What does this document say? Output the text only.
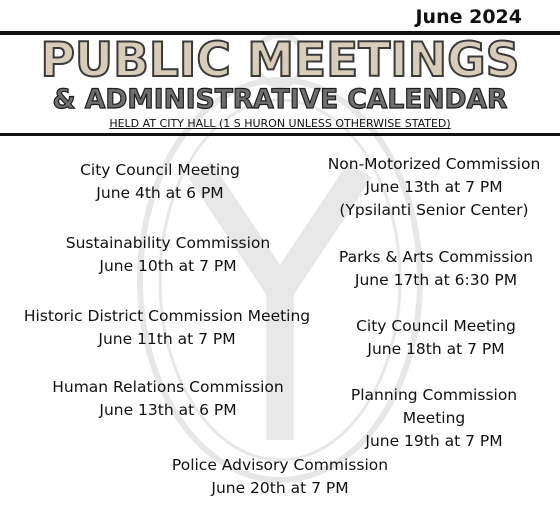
June 2024
PUBLIC MEETINGS
& ADMINISTRATIVE CALENDAR
HELD AT CITY HALL (1 S HURON UNLESS OTHERWISE STATED)
City Council Meeting
June 4th at 6 PM
Sustainability Commission
June 10th at 7 PM
Historic District Commission Meeting
June 11th at 7 PM
Human Relations Commission
June 13th at 6 PM
Police Advisory Commission
June 20th at 7 PM
Non-Motorized Commission
June 13th at 7 PM
(Ypsilanti Senior Center)
Parks & Arts Commission
June 17th at 6:30 PM
City Council Meeting
June 18th at 7 PM
Planning Commission
Meeting
June 19th at 7 PM
